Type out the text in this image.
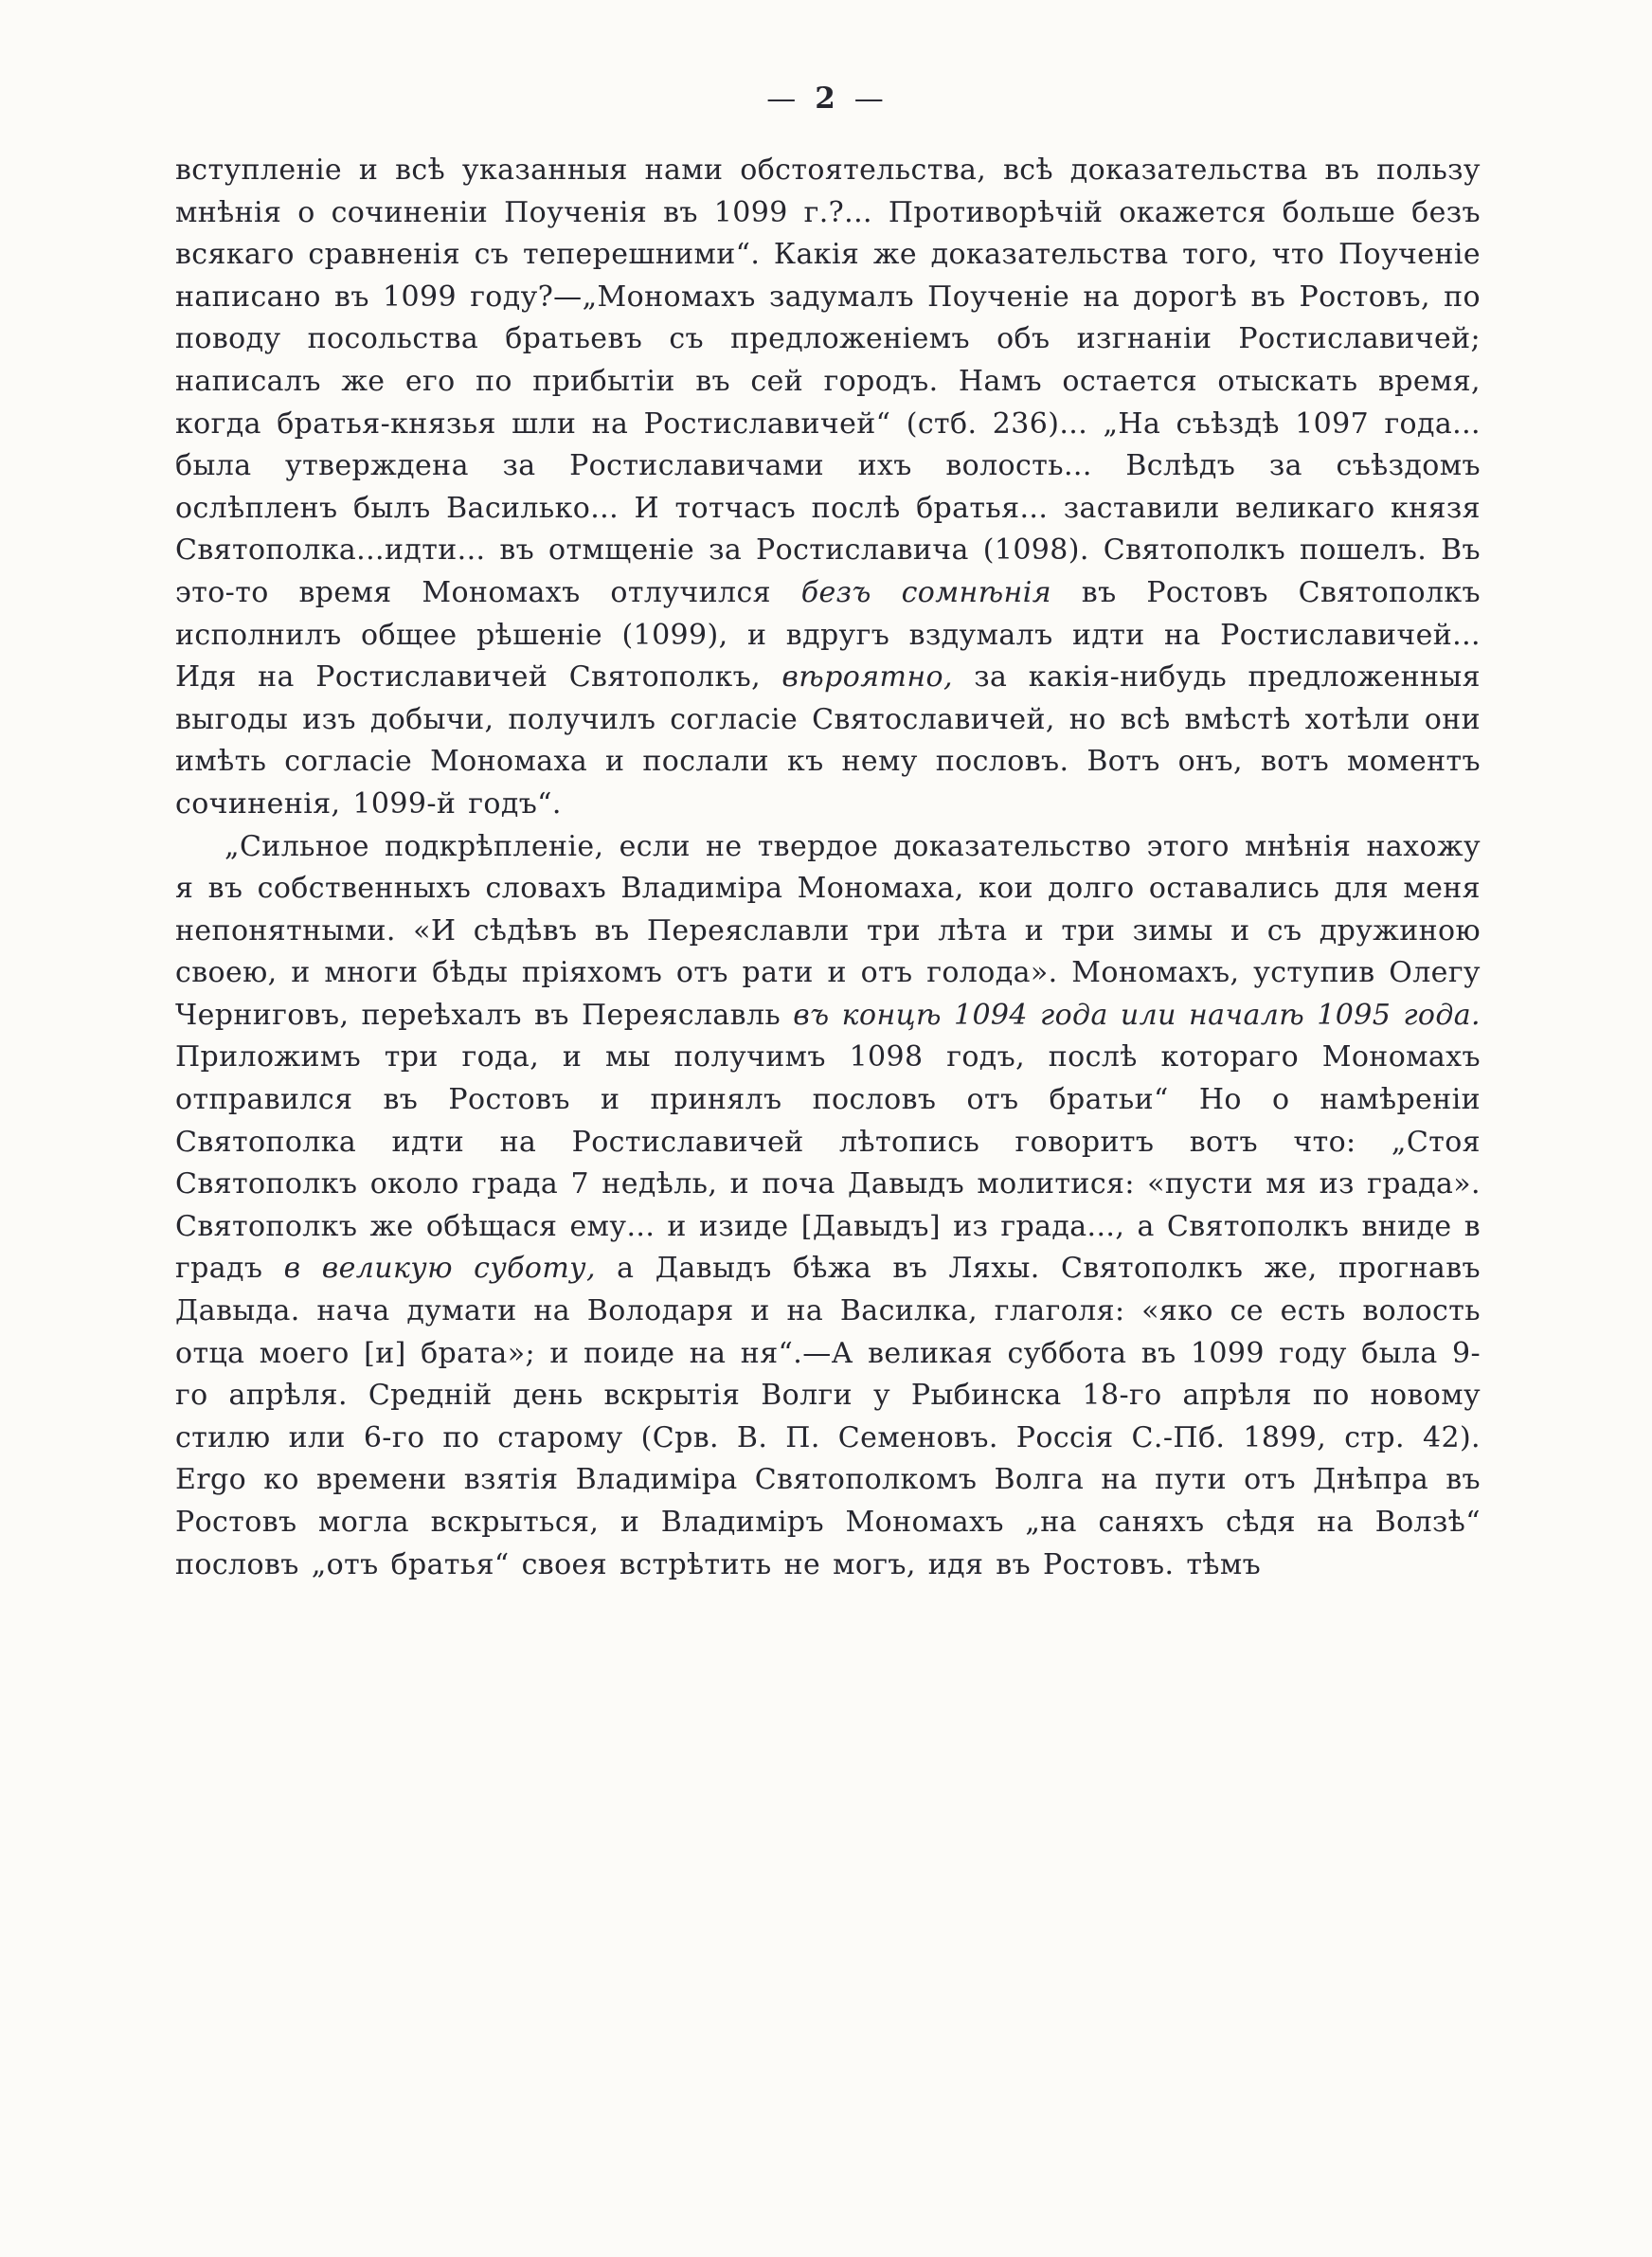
— 2 —

вступленіе и всѣ указанныя нами обстоятельства, всѣ доказательства въ пользу мнѣнія о сочиненіи Поученія въ 1099 г.?... Противорѣчій окажется больше безъ всякаго сравненія съ теперешними“. Какія же доказательства того, что Поученіе написано въ 1099 году?—„Мономахъ задумалъ Поученіе на дорогѣ въ Ростовъ, по поводу посольства братьевъ съ предложеніемъ объ изгнаніи Ростиславичей; написалъ же его по прибытіи въ сей городъ. Намъ остается отыскать время, когда братья-князья шли на Ростиславичей“ (стб. 236)... „На съѣздѣ 1097 года... была утверждена за Ростиславичами ихъ волость... Вслѣдъ за съѣздомъ ослѣпленъ былъ Василько... И тотчасъ послѣ братья... заставили великаго князя Святополка...идти... въ отмщеніе за Ростиславича (1098). Святополкъ пошелъ. Въ это-то время Мономахъ отлучился безъ сомнѣнія въ Ростовъ Святополкъ исполнилъ общее рѣшеніе (1099), и вдругъ вздумалъ идти на Ростиславичей... Идя на Ростиславичей Святополкъ, вѣроятно, за какія-нибудь предложенныя выгоды изъ добычи, получилъ согласіе Святославичей, но всѣ вмѣстѣ хотѣли они имѣть согласіе Мономаха и послали къ нему пословъ. Вотъ онъ, вотъ моментъ сочиненія, 1099-й годъ“.

„Сильное подкрѣпленіе, если не твердое доказательство этого мнѣнія нахожу я въ собственныхъ словахъ Владиміра Мономаха, кои долго оставались для меня непонятными. «И сѣдѣвъ въ Переяславли три лѣта и три зимы и съ дружиною своею, и многи бѣды пріяхомъ отъ рати и отъ голода». Мономахъ, уступив Олегу Черниговъ, переѣхалъ въ Переяславль въ концѣ 1094 года или началѣ 1095 года. Приложимъ три года, и мы получимъ 1098 годъ, послѣ котораго Мономахъ отправился въ Ростовъ и принялъ пословъ отъ братьи“ Но о намѣреніи Святополка идти на Ростиславичей лѣтопись говоритъ вотъ что: „Стоя Святополкъ около града 7 недѣль, и поча Давыдъ молитися: «пусти мя из града». Святополкъ же обѣщася ему... и изиде [Давыдъ] из града..., а Святополкъ вниде в градъ в великую суботу, а Давыдъ бѣжа въ Ляхы. Святополкъ же, прогнавъ Давыда. нача думати на Володаря и на Василка, глаголя: «яко се есть волость отца моего [и] брата»; и поиде на ня“.—А великая суббота въ 1099 году была 9-го апрѣля. Средній день вскрытія Волги у Рыбинска 18-го апрѣля по новому стилю или 6-го по старому (Срв. В. П. Семеновъ. Россія С.-Пб. 1899, стр. 42). Ergo ко времени взятія Владиміра Святополкомъ Волга на пути отъ Днѣпра въ Ростовъ могла вскрыться, и Владиміръ Мономахъ „на саняхъ сѣдя на Волзѣ“ пословъ „отъ братья“ своея встрѣтить не могъ, идя въ Ростовъ. тѣмъ
